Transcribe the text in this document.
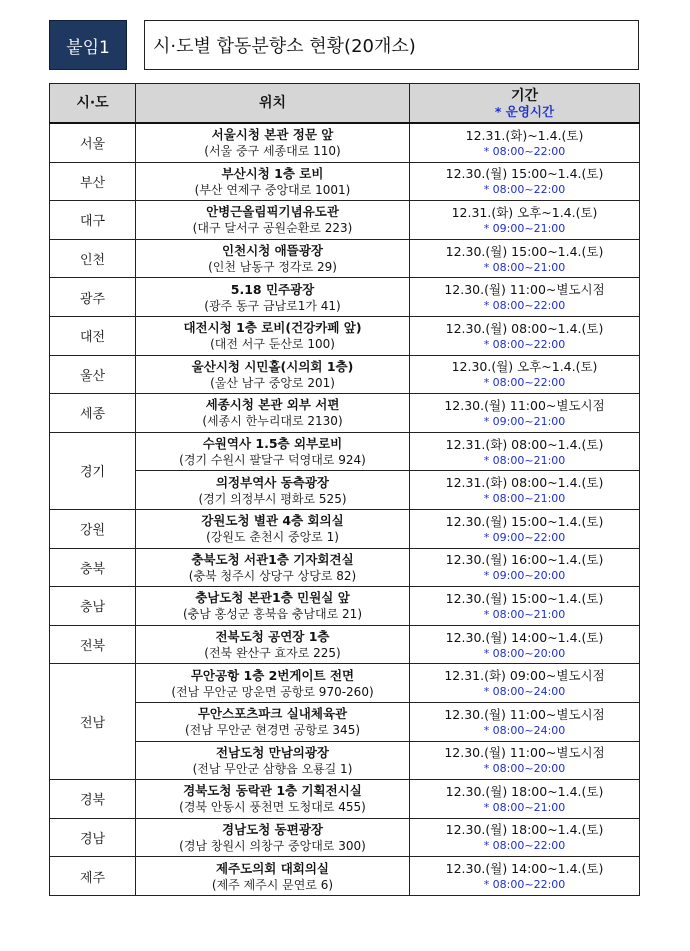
붙임1	시·도별 합동분향소 현황(20개소)
시·도	위치	기간
* 운영시간

서울	서울시청 본관 정문 앞
(서울 중구 세종대로 110)	12.31.(화)~1.4.(토)
* 08:00~22:00

부산	부산시청 1층 로비
(부산 연제구 중앙대로 1001)	12.30.(월) 15:00~1.4.(토)
* 08:00~22:00

대구	안병근올림픽기념유도관
(대구 달서구 공원순환로 223)	12.31.(화) 오후~1.4.(토)
* 09:00~21:00

인천	인천시청 애뜰광장
(인천 남동구 정각로 29)	12.30.(월) 15:00~1.4.(토)
* 08:00~21:00

광주	5.18 민주광장
(광주 동구 금남로1가 41)	12.30.(월) 11:00~별도시점
* 08:00~22:00

대전	대전시청 1층 로비(건강카페 앞)
(대전 서구 둔산로 100)	12.30.(월) 08:00~1.4.(토)
* 08:00~22:00

울산	울산시청 시민홀(시의회 1층)
(울산 남구 중앙로 201)	12.30.(월) 오후~1.4.(토)
* 08:00~22:00

세종	세종시청 본관 외부 서편
(세종시 한누리대로 2130)	12.30.(월) 11:00~별도시점
* 09:00~21:00

경기	수원역사 1.5층 외부로비
(경기 수원시 팔달구 덕영대로 924)	12.31.(화) 08:00~1.4.(토)
* 08:00~21:00

	의정부역사 동측광장
(경기 의정부시 평화로 525)	12.31.(화) 08:00~1.4.(토)
* 08:00~21:00

강원	강원도청 별관 4층 회의실
(강원도 춘천시 중앙로 1)	12.30.(월) 15:00~1.4.(토)
* 09:00~22:00

충북	충북도청 서관1층 기자회견실
(충북 청주시 상당구 상당로 82)	12.30.(월) 16:00~1.4.(토)
* 09:00~20:00

충남	충남도청 본관1층 민원실 앞
(충남 홍성군 홍북읍 충남대로 21)	12.30.(월) 15:00~1.4.(토)
* 08:00~21:00

전북	전북도청 공연장 1층
(전북 완산구 효자로 225)	12.30.(월) 14:00~1.4.(토)
* 08:00~20:00

전남	무안공항 1층 2번게이트 전면
(전남 무안군 망운면 공항로 970-260)	12.31.(화) 09:00~별도시점
* 08:00~24:00

	무안스포츠파크 실내체육관
(전남 무안군 현경면 공항로 345)	12.30.(월) 11:00~별도시점
* 08:00~24:00

	전남도청 만남의광장
(전남 무안군 삼향읍 오룡길 1)	12.30.(월) 11:00~별도시점
* 08:00~20:00

경북	경북도청 동락관 1층 기획전시실
(경북 안동시 풍천면 도청대로 455)	12.30.(월) 18:00~1.4.(토)
* 08:00~21:00

경남	경남도청 동편광장
(경남 창원시 의창구 중앙대로 300)	12.30.(월) 18:00~1.4.(토)
* 08:00~22:00

제주	제주도의회 대회의실
(제주 제주시 문연로 6)	12.30.(월) 14:00~1.4.(토)
* 08:00~22:00
